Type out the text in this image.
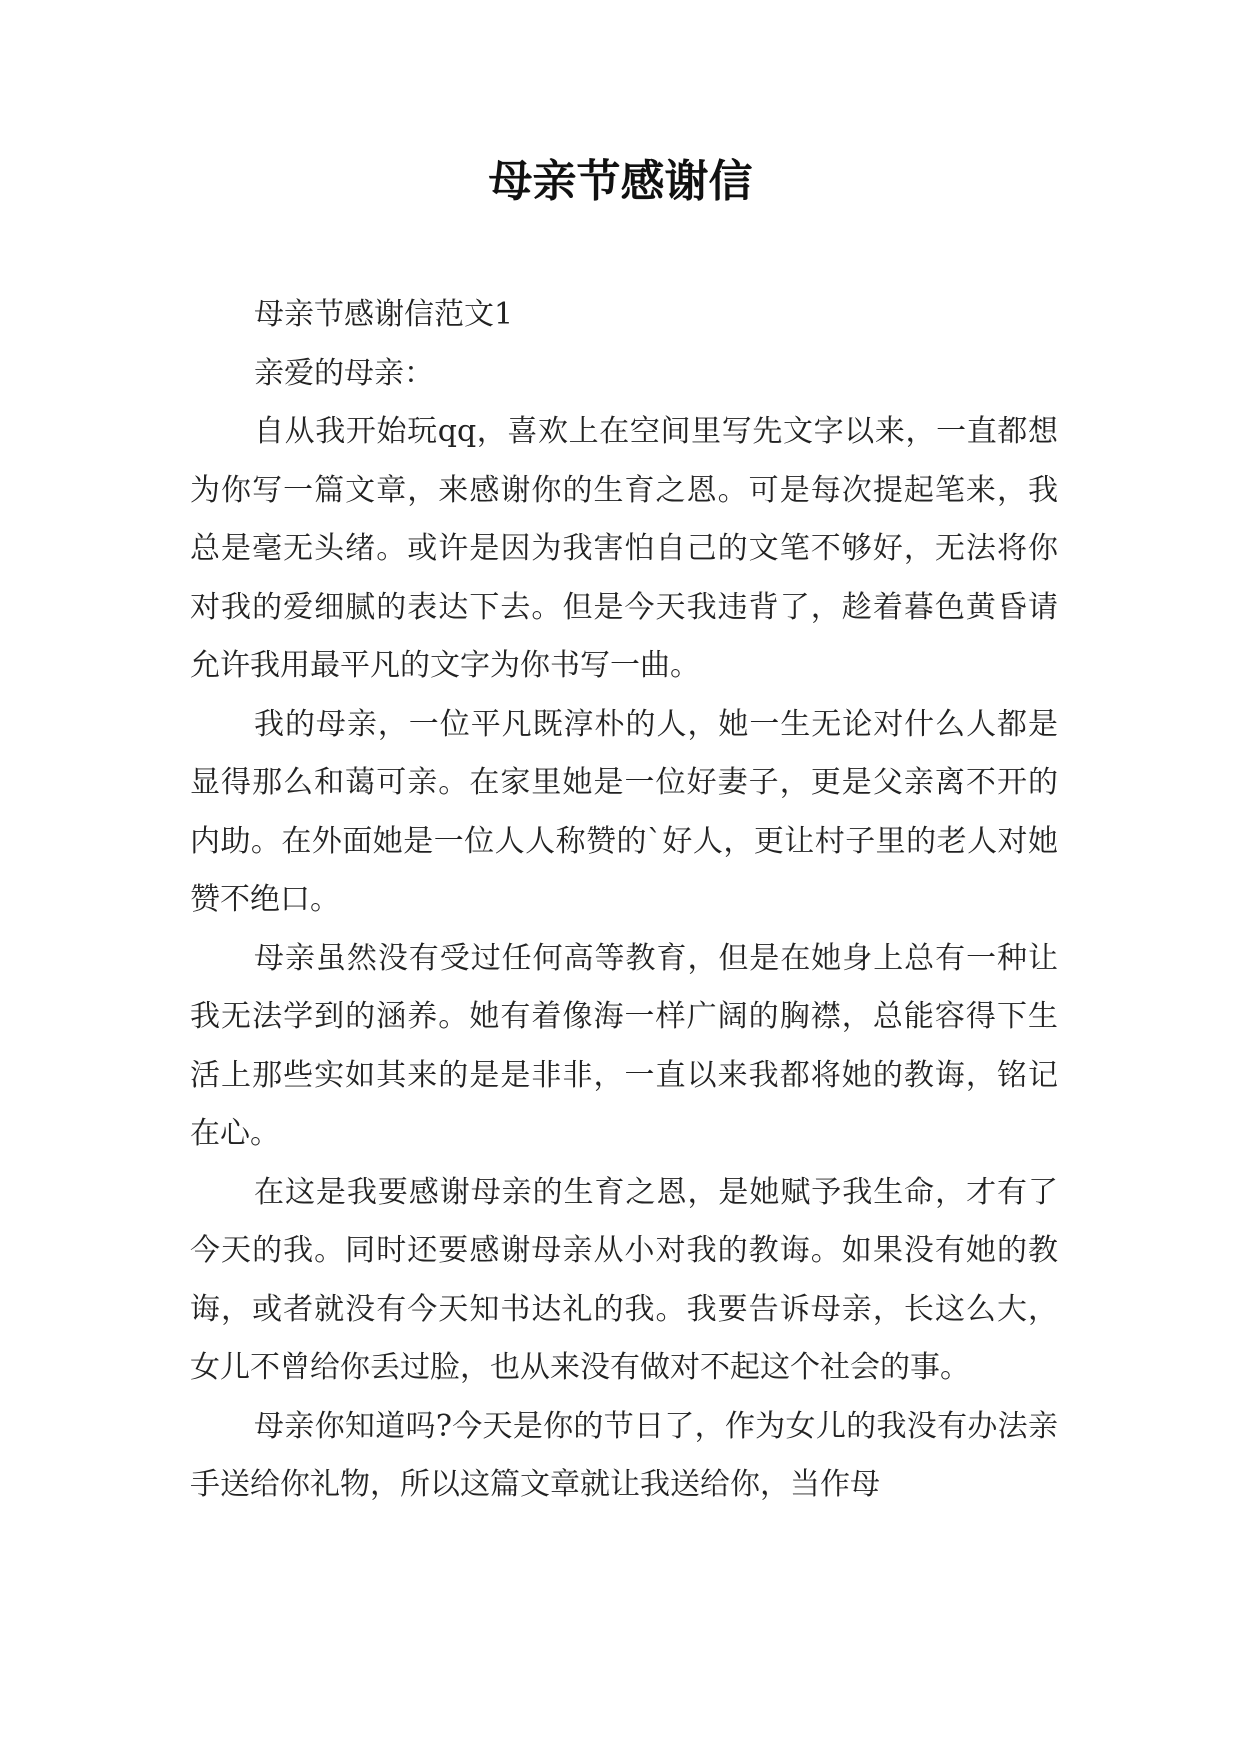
母亲节感谢信

母亲节感谢信范文1

亲爱的母亲：

自从我开始玩qq，喜欢上在空间里写先文字以来，一直都想为你写一篇文章，来感谢你的生育之恩。可是每次提起笔来，我总是毫无头绪。或许是因为我害怕自己的文笔不够好，无法将你对我的爱细腻的表达下去。但是今天我违背了，趁着暮色黄昏请允许我用最平凡的文字为你书写一曲。

我的母亲，一位平凡既淳朴的人，她一生无论对什么人都是显得那么和蔼可亲。在家里她是一位好妻子，更是父亲离不开的内助。在外面她是一位人人称赞的`好人，更让村子里的老人对她赞不绝口。

母亲虽然没有受过任何高等教育，但是在她身上总有一种让我无法学到的涵养。她有着像海一样广阔的胸襟，总能容得下生活上那些实如其来的是是非非，一直以来我都将她的教诲，铭记在心。

在这是我要感谢母亲的生育之恩，是她赋予我生命，才有了今天的我。同时还要感谢母亲从小对我的教诲。如果没有她的教诲，或者就没有今天知书达礼的我。我要告诉母亲，长这么大，女儿不曾给你丢过脸，也从来没有做对不起这个社会的事。

母亲你知道吗?今天是你的节日了，作为女儿的我没有办法亲手送给你礼物，所以这篇文章就让我送给你，当作母
